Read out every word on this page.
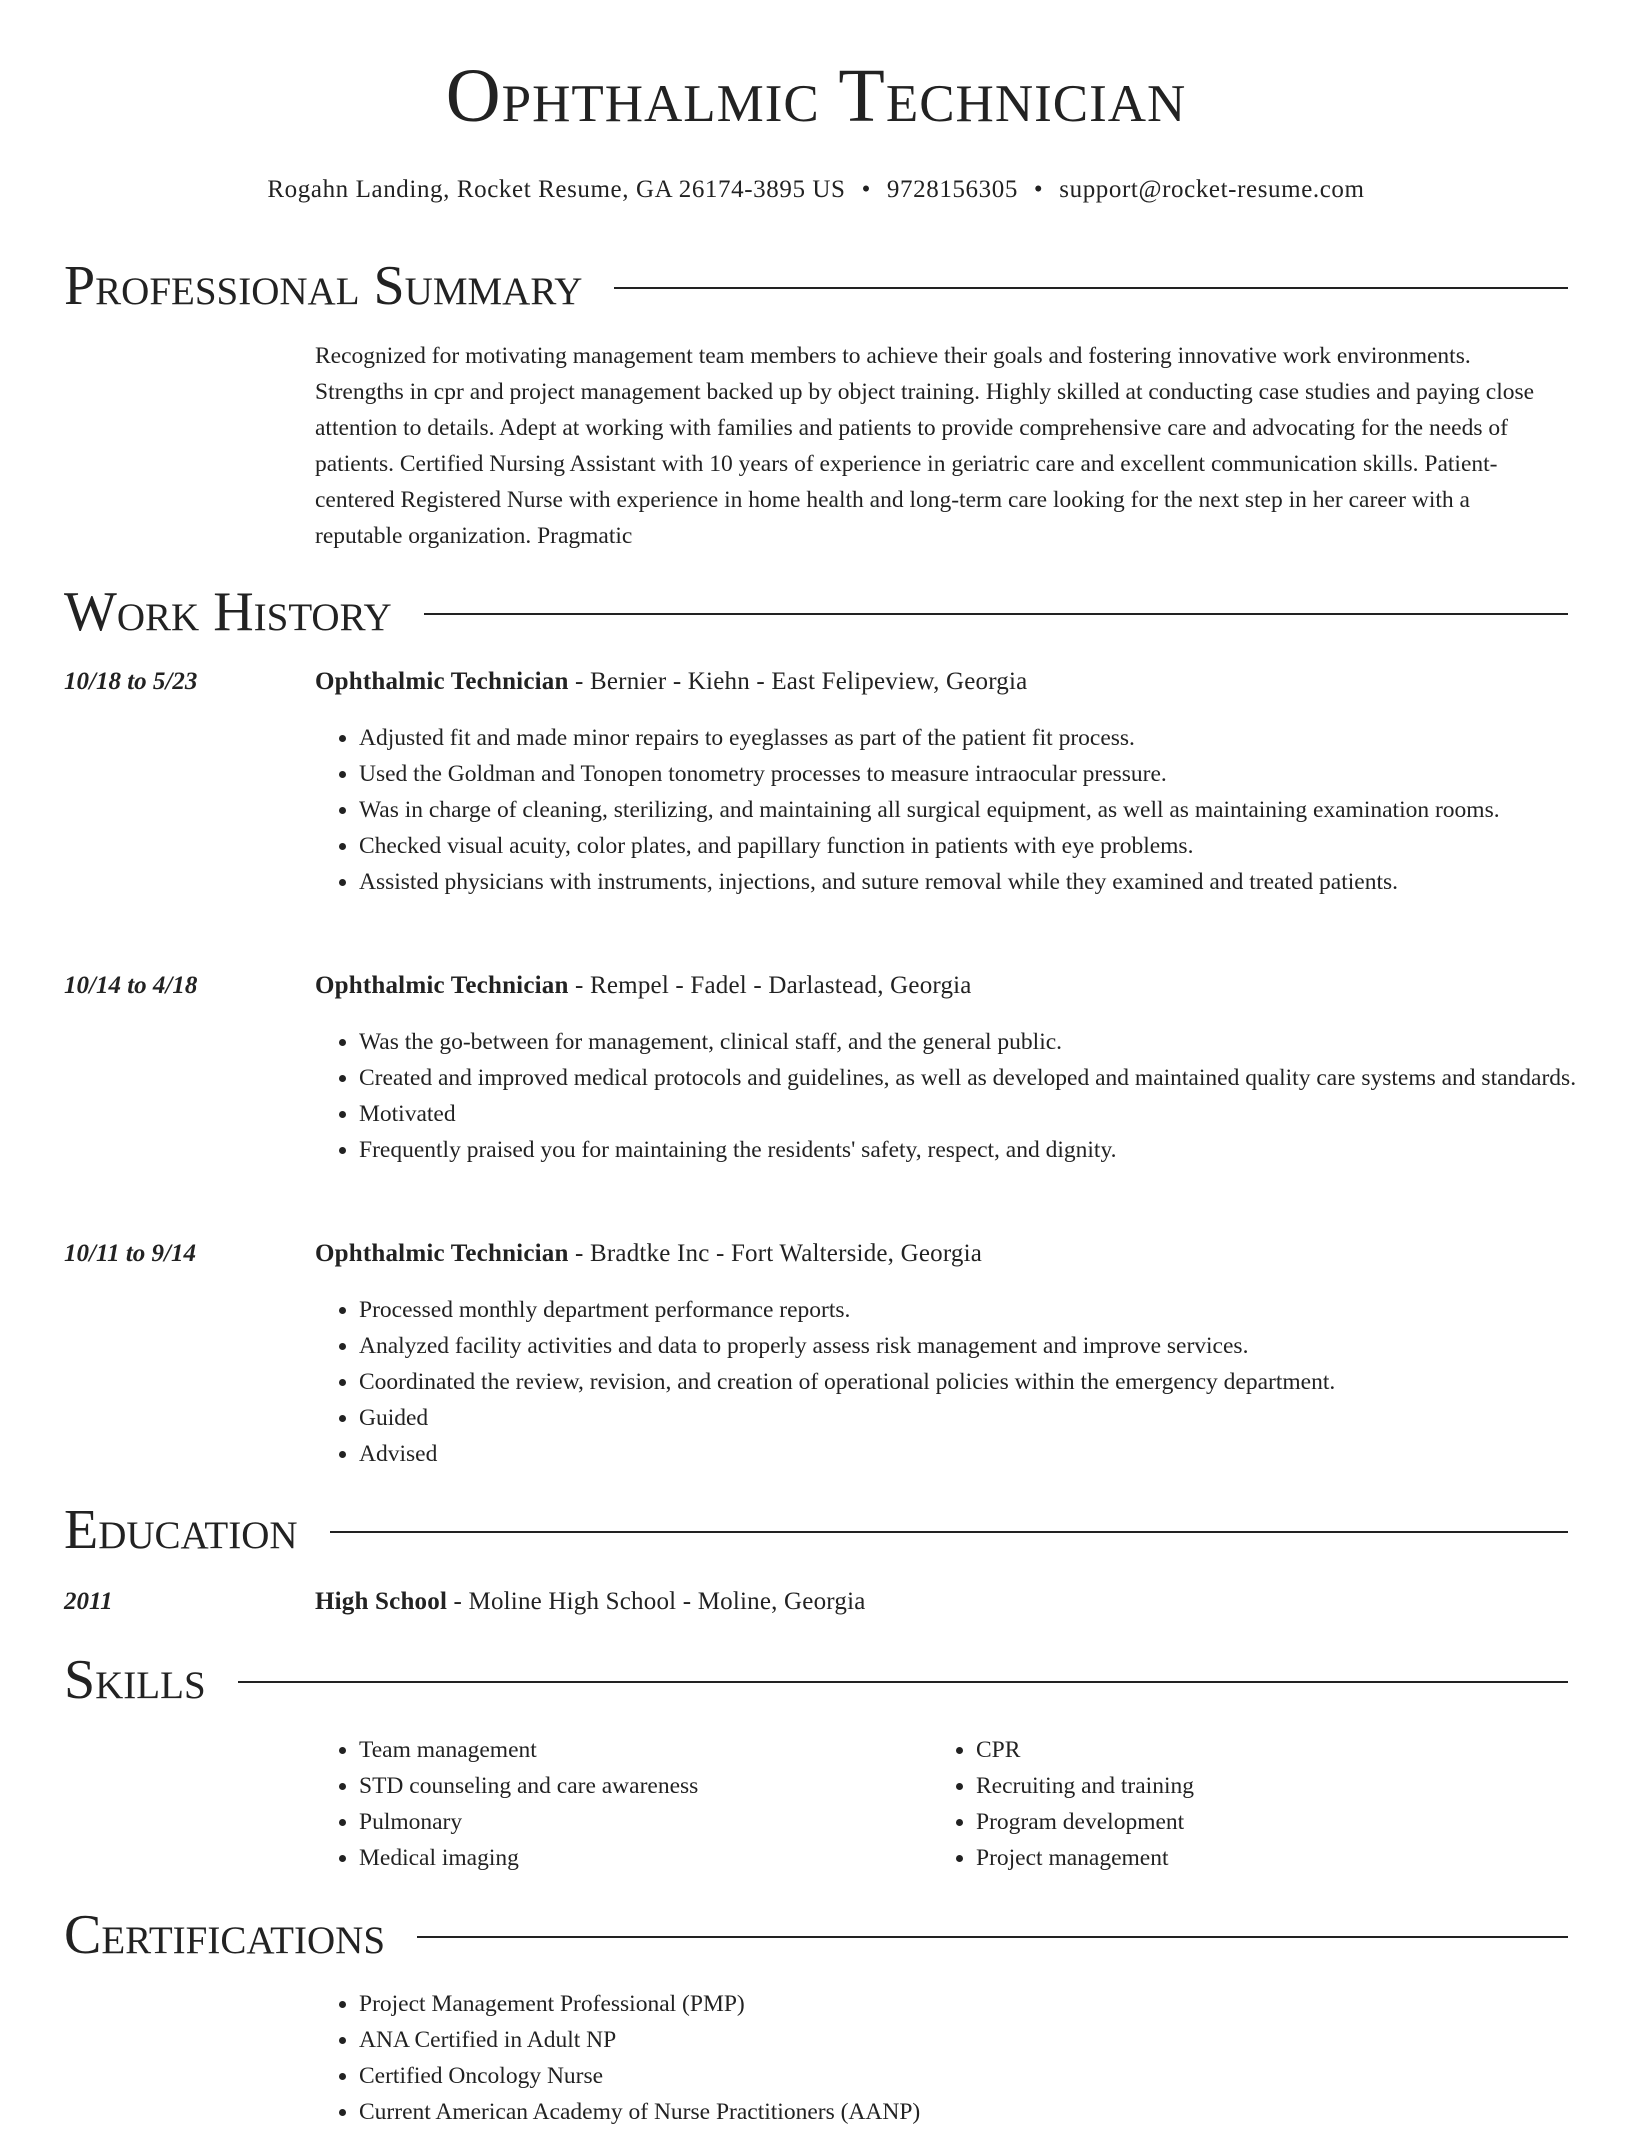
Ophthalmic Technician
Rogahn Landing, Rocket Resume, GA 26174-3895 US • 9728156305 • support@rocket-resume.com
Professional Summary
Recognized for motivating management team members to achieve their goals and fostering innovative work environments. Strengths in cpr and project management backed up by object training. Highly skilled at conducting case studies and paying close attention to details. Adept at working with families and patients to provide comprehensive care and advocating for the needs of patients. Certified Nursing Assistant with 10 years of experience in geriatric care and excellent communication skills. Patient-centered Registered Nurse with experience in home health and long-term care looking for the next step in her career with a reputable organization. Pragmatic
Work History
10/18 to 5/23	Ophthalmic Technician - Bernier - Kiehn - East Felipeview, Georgia
• Adjusted fit and made minor repairs to eyeglasses as part of the patient fit process.
• Used the Goldman and Tonopen tonometry processes to measure intraocular pressure.
• Was in charge of cleaning, sterilizing, and maintaining all surgical equipment, as well as maintaining examination rooms.
• Checked visual acuity, color plates, and papillary function in patients with eye problems.
• Assisted physicians with instruments, injections, and suture removal while they examined and treated patients.
10/14 to 4/18	Ophthalmic Technician - Rempel - Fadel - Darlastead, Georgia
• Was the go-between for management, clinical staff, and the general public.
• Created and improved medical protocols and guidelines, as well as developed and maintained quality care systems and standards.
• Motivated
• Frequently praised you for maintaining the residents' safety, respect, and dignity.
10/11 to 9/14	Ophthalmic Technician - Bradtke Inc - Fort Walterside, Georgia
• Processed monthly department performance reports.
• Analyzed facility activities and data to properly assess risk management and improve services.
• Coordinated the review, revision, and creation of operational policies within the emergency department.
• Guided
• Advised
Education
2011	High School - Moline High School - Moline, Georgia
Skills
• Team management
• STD counseling and care awareness
• Pulmonary
• Medical imaging
• CPR
• Recruiting and training
• Program development
• Project management
Certifications
• Project Management Professional (PMP)
• ANA Certified in Adult NP
• Certified Oncology Nurse
• Current American Academy of Nurse Practitioners (AANP)
